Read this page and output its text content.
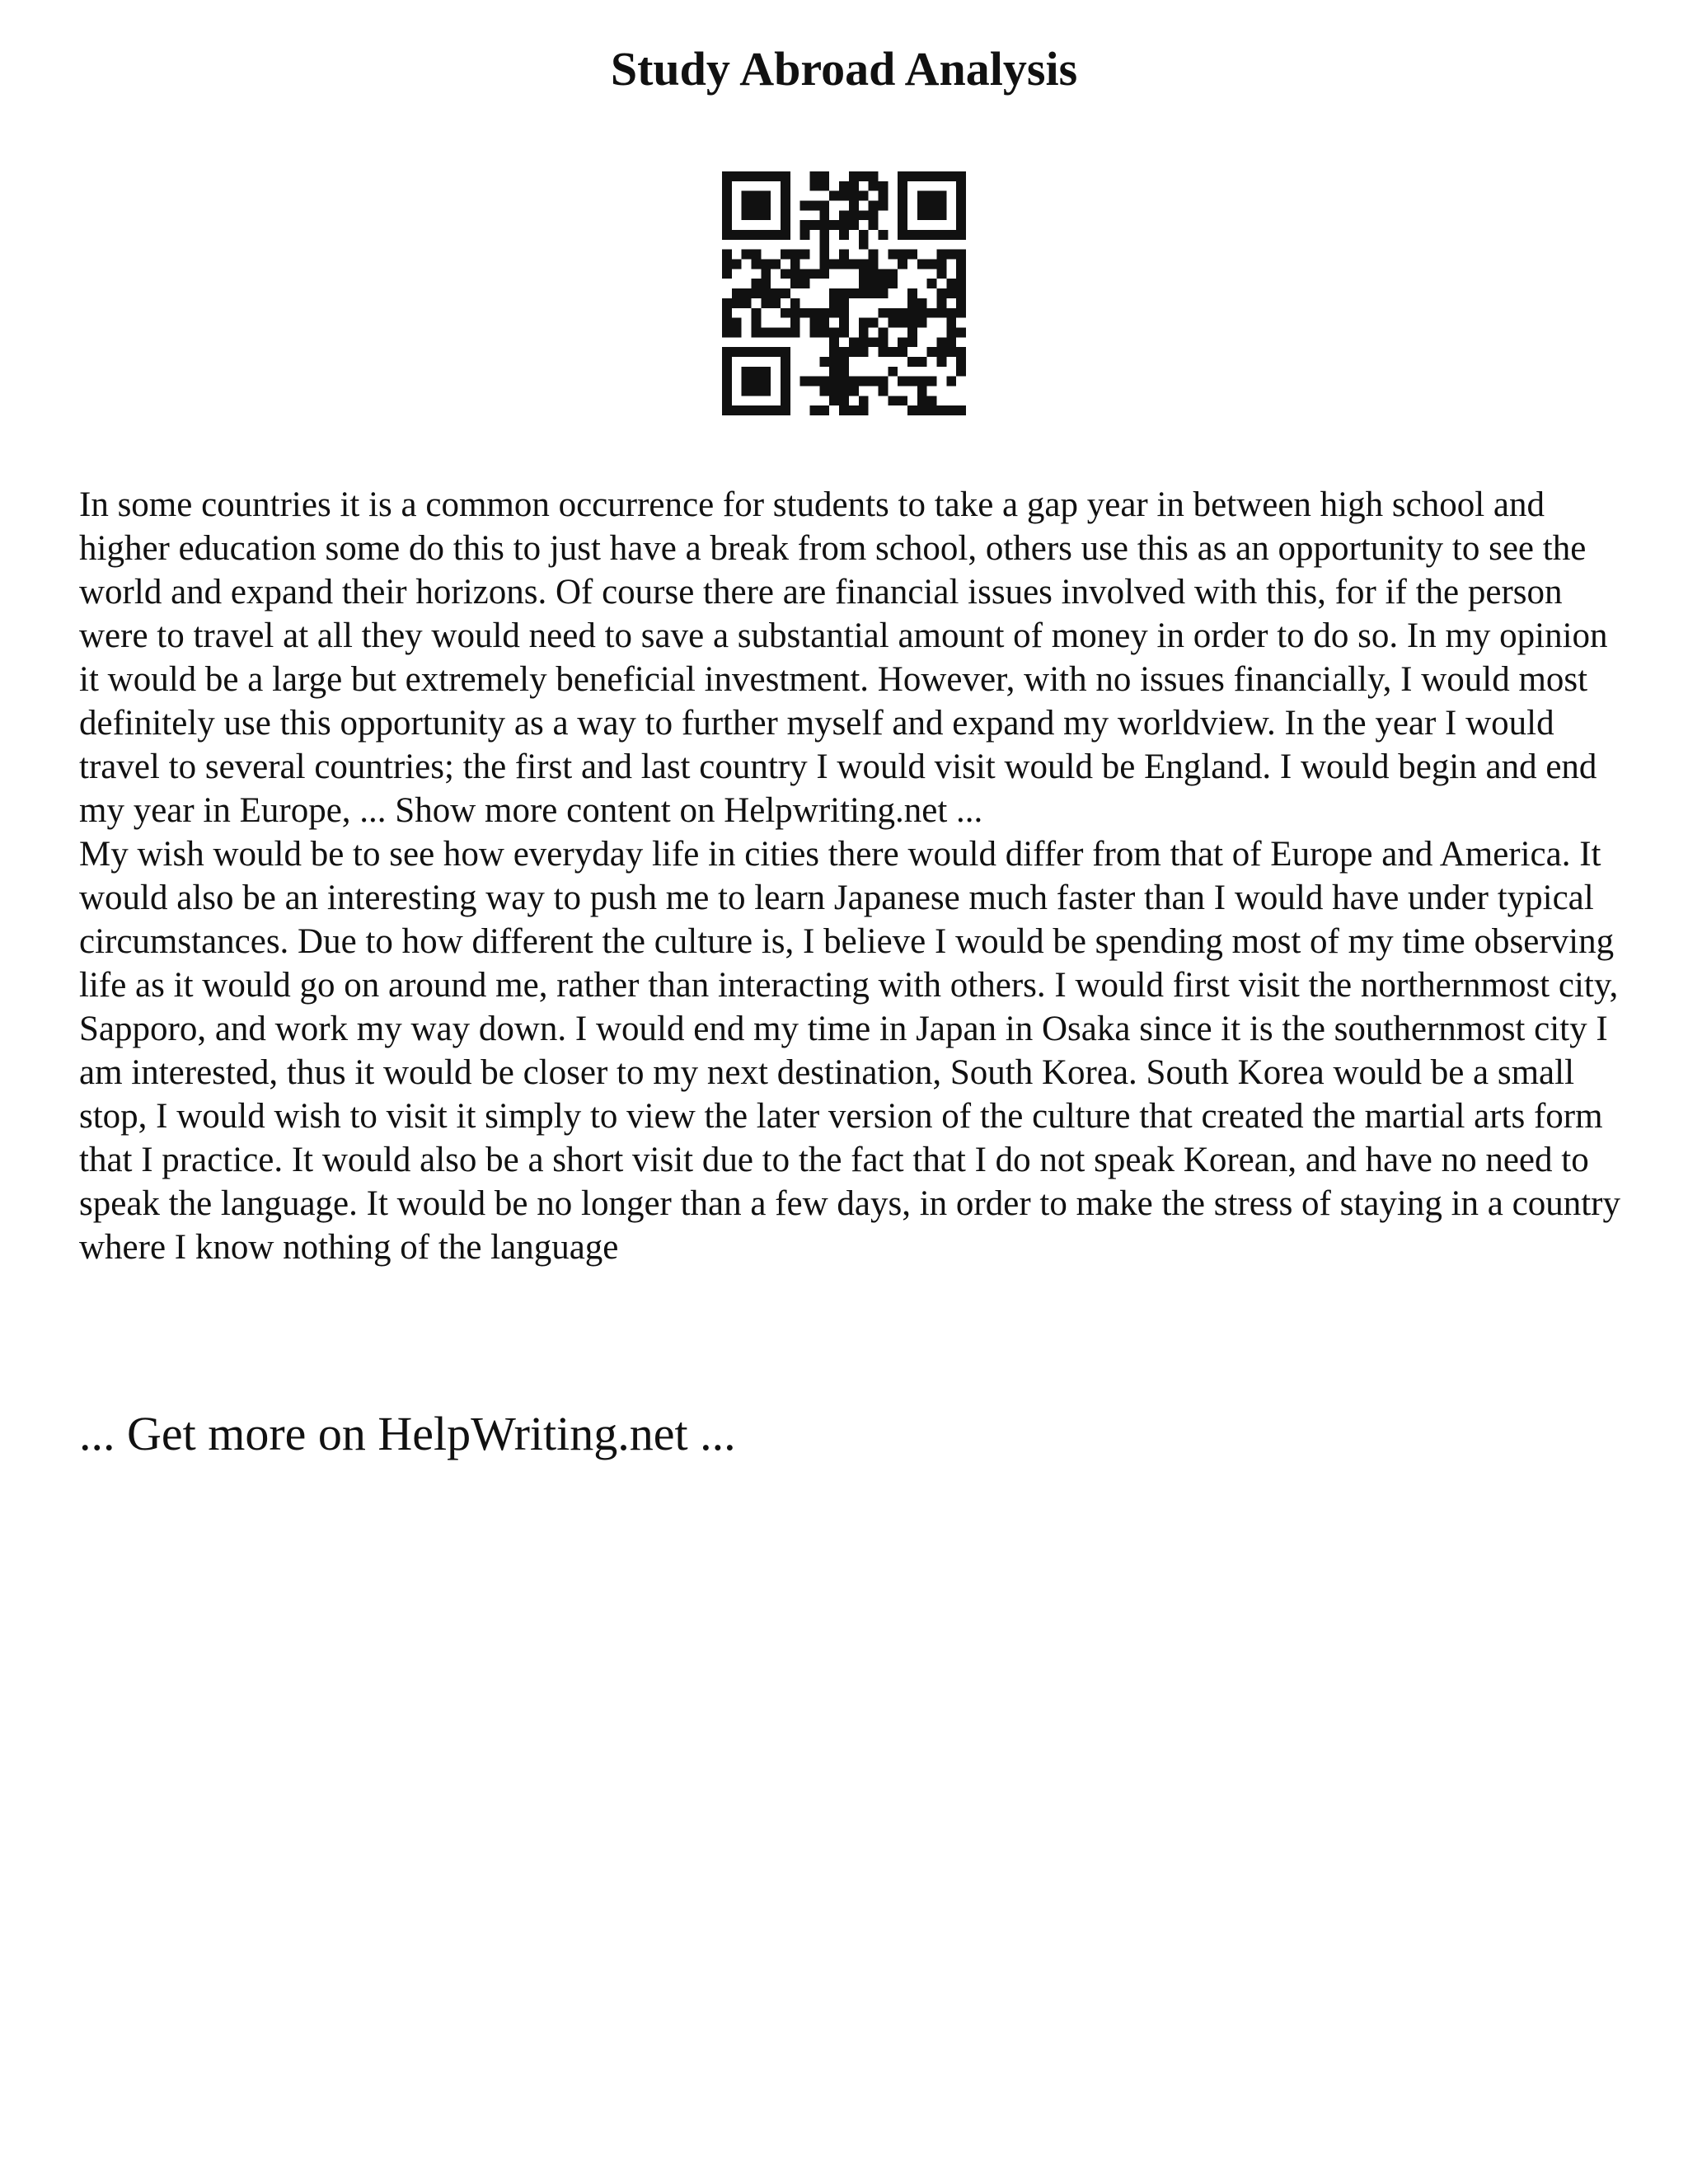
Study Abroad Analysis

In some countries it is a common occurrence for students to take a gap year in between high school and higher education some do this to just have a break from school, others use this as an opportunity to see the world and expand their horizons. Of course there are financial issues involved with this, for if the person were to travel at all they would need to save a substantial amount of money in order to do so. In my opinion it would be a large but extremely beneficial investment. However, with no issues financially, I would most definitely use this opportunity as a way to further myself and expand my worldview. In the year I would travel to several countries; the first and last country I would visit would be England. I would begin and end my year in Europe, ... Show more content on Helpwriting.net ...

My wish would be to see how everyday life in cities there would differ from that of Europe and America. It would also be an interesting way to push me to learn Japanese much faster than I would have under typical circumstances. Due to how different the culture is, I believe I would be spending most of my time observing life as it would go on around me, rather than interacting with others. I would first visit the northernmost city, Sapporo, and work my way down. I would end my time in Japan in Osaka since it is the southernmost city I am interested, thus it would be closer to my next destination, South Korea. South Korea would be a small stop, I would wish to visit it simply to view the later version of the culture that created the martial arts form that I practice. It would also be a short visit due to the fact that I do not speak Korean, and have no need to speak the language. It would be no longer than a few days, in order to make the stress of staying in a country where I know nothing of the language

... Get more on HelpWriting.net ...
